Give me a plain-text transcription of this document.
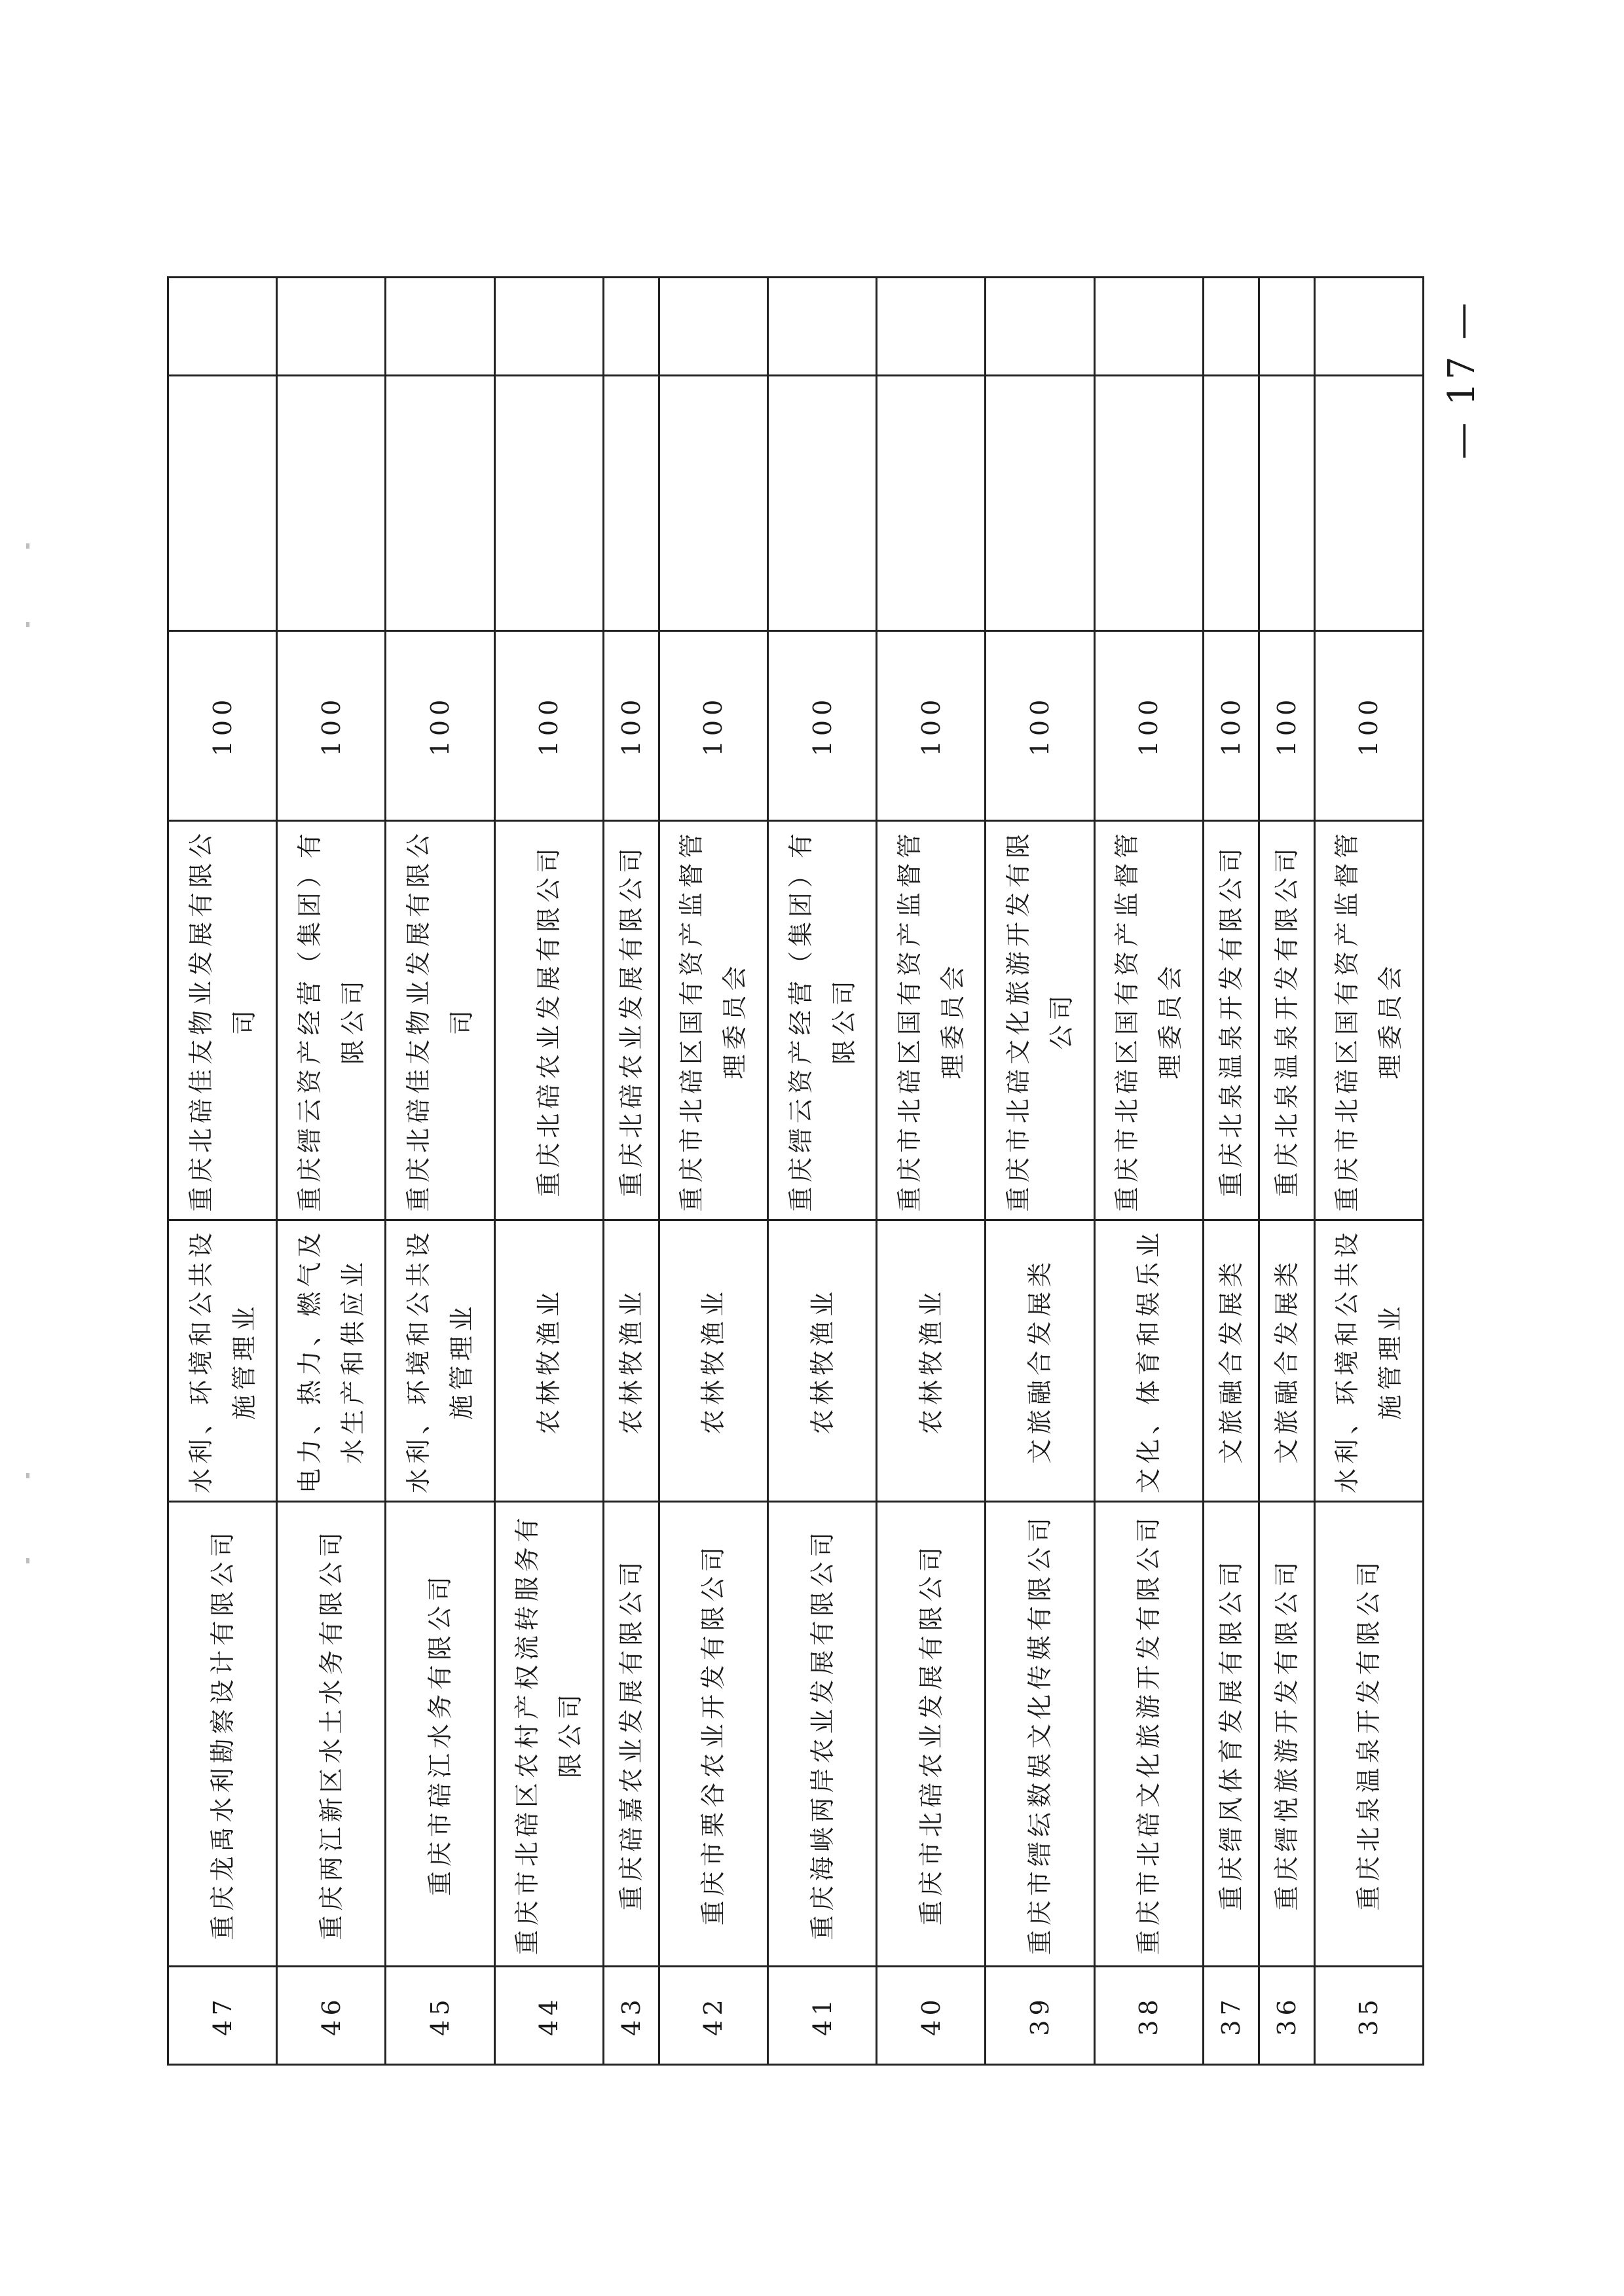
47	重庆龙禹水利勘察设计有限公司	水利、环境和公共设施管理业	重庆北碚佳友物业发展有限公司	100		
46	重庆两江新区水土水务有限公司	电力、热力、燃气及水生产和供应业	重庆缙云资产经营（集团）有限公司	100		
45	重庆市碚江水务有限公司	水利、环境和公共设施管理业	重庆北碚佳友物业发展有限公司	100		
44	重庆市北碚区农村产权流转服务有限公司	农林牧渔业	重庆北碚农业发展有限公司	100		
43	重庆碚嘉农业发展有限公司	农林牧渔业	重庆北碚农业发展有限公司	100		
42	重庆市栗谷农业开发有限公司	农林牧渔业	重庆市北碚区国有资产监督管理委员会	100		
41	重庆海峡两岸农业发展有限公司	农林牧渔业	重庆缙云资产经营（集团）有限公司	100		
40	重庆市北碚农业发展有限公司	农林牧渔业	重庆市北碚区国有资产监督管理委员会	100		
39	重庆市缙纭数娱文化传媒有限公司	文旅融合发展类	重庆市北碚文化旅游开发有限公司	100		
38	重庆市北碚文化旅游开发有限公司	文化、体育和娱乐业	重庆市北碚区国有资产监督管理委员会	100		
37	重庆缙风体育发展有限公司	文旅融合发展类	重庆北泉温泉开发有限公司	100		
36	重庆缙悦旅游开发有限公司	文旅融合发展类	重庆北泉温泉开发有限公司	100		
35	重庆北泉温泉开发有限公司	水利、环境和公共设施管理业	重庆市北碚区国有资产监督管理委员会	100		
— 17 —
